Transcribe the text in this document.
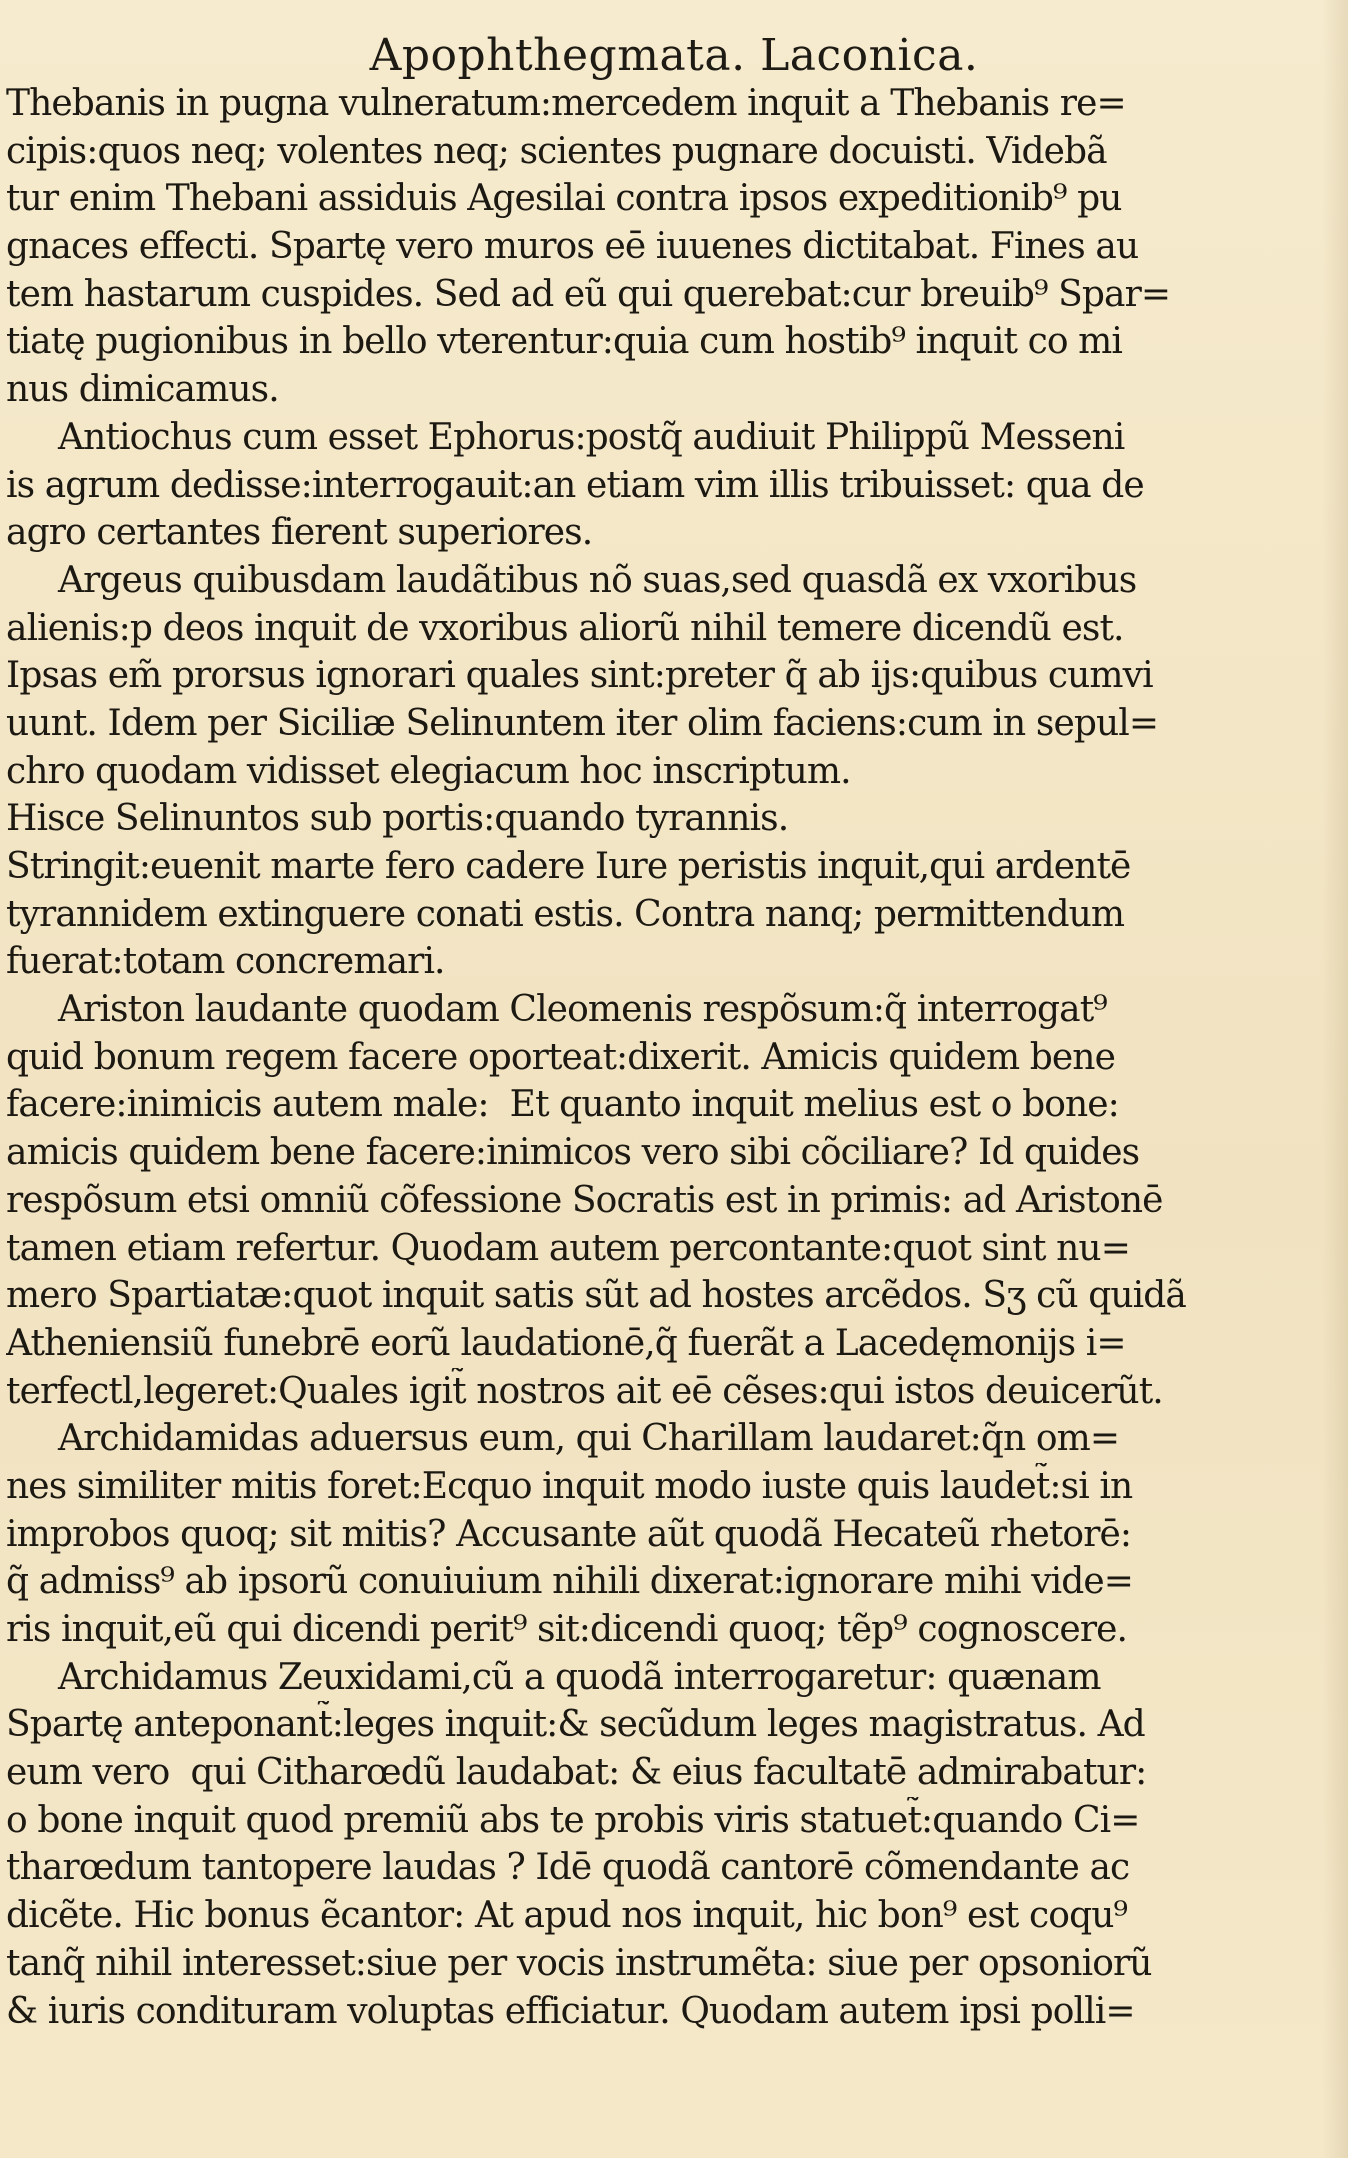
Apophthegmata. Laconica.
Thebanis in pugna vulneratum:mercedem inquit a Thebanis re=
cipis:quos neq; volentes neq; scientes pugnare docuisti. Videbã
tur enim Thebani assiduis Agesilai contra ipsos expeditionib⁹ pu
gnaces effecti. Spartę vero muros eē iuuenes dictitabat. Fines au
tem hastarum cuspides. Sed ad eũ qui querebat:cur breuib⁹ Spar=
tiatę pugionibus in bello vterentur:quia cum hostib⁹ inquit co mi
nus dimicamus.
Antiochus cum esset Ephorus:postq̃ audiuit Philippũ Messeni
is agrum dedisse:interrogauit:an etiam vim illis tribuisset: qua de
agro certantes fierent superiores.
Argeus quibusdam laudãtibus nõ suas,sed quasdã ex vxoribus
alienis:p deos inquit de vxoribus aliorũ nihil temere dicendũ est.
Ipsas em̃ prorsus ignorari quales sint:preter q̃ ab ijs:quibus cumvi
uunt. Idem per Siciliæ Selinuntem iter olim faciens:cum in sepul=
chro quodam vidisset elegiacum hoc inscriptum.
Hisce Selinuntos sub portis:quando tyrannis.
Stringit:euenit marte fero cadere Iure peristis inquit,qui ardentē
tyrannidem extinguere conati estis. Contra nanq; permittendum
fuerat:totam concremari.
Ariston laudante quodam Cleomenis respõsum:q̃ interrogat⁹
quid bonum regem facere oporteat:dixerit. Amicis quidem bene
facere:inimicis autem male:  Et quanto inquit melius est o bone:
amicis quidem bene facere:inimicos vero sibi cõciliare? Id quides
respõsum etsi omniũ cõfessione Socratis est in primis: ad Aristonē
tamen etiam refertur. Quodam autem percontante:quot sint nu=
mero Spartiatæ:quot inquit satis sũt ad hostes arcẽdos. Sʒ cũ quidã
Atheniensiũ funebrē eorũ laudationē,q̃ fuerãt a Lacedęmonijs i=
terfectl,legeret:Quales igit̃ nostros ait eē cẽses:qui istos deuicerũt.
Archidamidas aduersus eum, qui Charillam laudaret:q̃n om=
nes similiter mitis foret:Ecquo inquit modo iuste quis laudet̃:si in
improbos quoq; sit mitis? Accusante aũt quodã Hecateũ rhetorē:
q̃ admiss⁹ ab ipsorũ conuiuium nihili dixerat:ignorare mihi vide=
ris inquit,eũ qui dicendi perit⁹ sit:dicendi quoq; tẽp⁹ cognoscere.
Archidamus Zeuxidami,cũ a quodã interrogaretur: quænam
Spartę anteponant̃:leges inquit:& secũdum leges magistratus. Ad
eum vero  qui Citharœdũ laudabat: & eius facultatē admirabatur:
o bone inquit quod premiũ abs te probis viris statuet̃:quando Ci=
tharœdum tantopere laudas ? Idē quodã cantorē cõmendante ac
dicẽte. Hic bonus ẽcantor: At apud nos inquit, hic bon⁹ est coqu⁹
tanq̃ nihil interesset:siue per vocis instrumẽta: siue per opsoniorũ
& iuris condituram voluptas efficiatur. Quodam autem ipsi polli=
